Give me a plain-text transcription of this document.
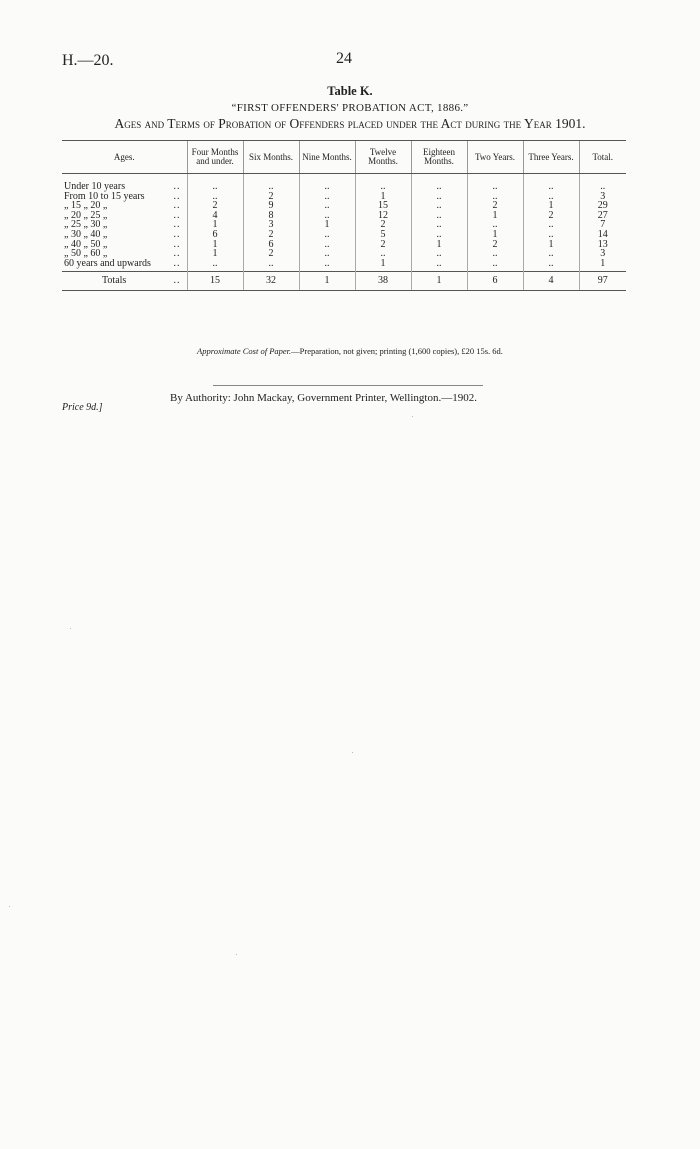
H.—20.	24
Table K.
“FIRST OFFENDERS' PROBATION ACT, 1886.”
Ages and Terms of Probation of Offenders placed under the Act during the Year 1901.
Ages.	Four Months and under.	Six Months.	Nine Months.	Twelve Months.	Eighteen Months.	Two Years.	Three Years.	Total.
Under 10 years ..	..	..	..	..	..	..	..	..
From 10 to 15 years ..	..	2	..	1	..	..	..	3
„ 15 „ 20 „ ..	2	9	..	15	..	2	1	29
„ 20 „ 25 „ ..	4	8	..	12	..	1	2	27
„ 25 „ 30 „ ..	1	3	1	2	..	..	..	7
„ 30 „ 40 „ ..	6	2	..	5	..	1	..	14
„ 40 „ 50 „ ..	1	6	..	2	1	2	1	13
„ 50 „ 60 „ ..	1	2	..	..	..	..	..	3
60 years and upwards ..	..	..	..	1	..	..	..	1
Totals ..	15	32	1	38	1	6	4	97
Approximate Cost of Paper.—Preparation, not given; printing (1,600 copies), £20 15s. 6d.
By Authority: John Mackay, Government Printer, Wellington.—1902.
Price 9d.]
